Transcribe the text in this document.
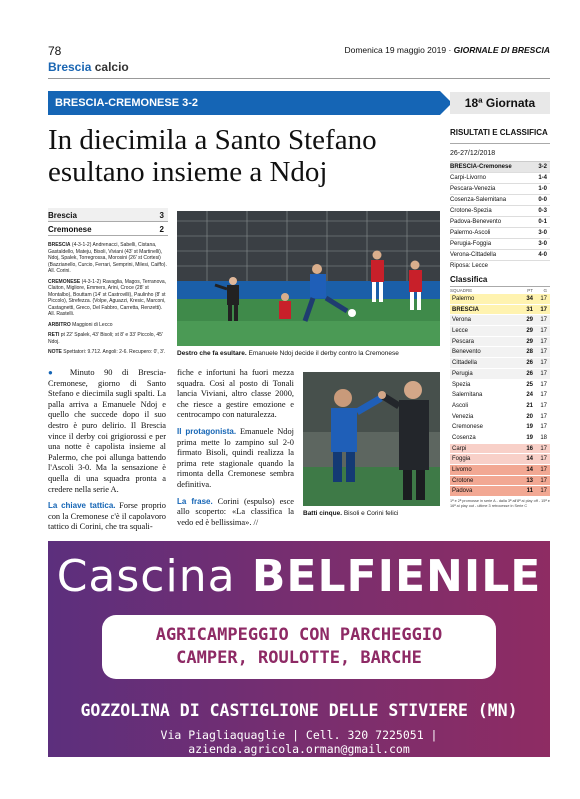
78	Domenica 19 maggio 2019 · GIORNALE DI BRESCIA
Brescia calcio
BRESCIA-CREMONESE 3-2	18ª Giornata
In diecimila a Santo Stefano
esultano insieme a Ndoj
Brescia	3
Cremonese	2

BRESCIA (4-3-1-2) Andrenacci, Sabelli, Cistana, Gastaldello, Mateju, Bisoli, Viviani (43' st Martinelli), Ndoj, Spalek, Torregrossa, Morosini (26' st Cortesi) (Bazzianello, Curcio, Ferrari, Semprini, Milesi, Caiffo). All. Corini.

CREMONESE (4-3-1-2) Ravaglia, Magos, Terranova, Claiton, Migliore, Emmers, Arini, Croce (28' st Montalbo), Bouttam (14' st Castrovilli), Paulinho (8' st Piccolo), Strefezza. (Volpe, Aguazzi, Kresic, Marconi, Castagnetti, Greco, Del Fabbro, Carretta, Renzetti). All. Rastelli.

ARBITRO Maggioni di Lecco

RETI pt 22' Spalek, 43' Bisoli; st 8' e 33' Piccolo, 45' Ndoj.

NOTE Spettatori: 9.712. Angoli: 2-6. Recupero: 0', 3'.	Destro che fa esultare. Emanuele Ndoj decide il derby contro la Cremonese

● Minuto 90 di Brescia-Cremonese, giorno di Santo Stefano e diecimila sugli spalti. La palla arriva a Emanuele Ndoj e quello che succede dopo il suo destro è puro delirio. Il Brescia vince il derby coi grigiorossi e per una notte è capolista insieme al Palermo, che poi allunga battendo l'Ascoli 3-0. Ma la sensazione è quella di una squadra pronta a credere nella serie A.

La chiave tattica. Forse proprio con la Cremonese c'è il capolavoro tattico di Corini, che tra squali-

fiche e infortuni ha fuori mezza squadra. Così al posto di Tonali lancia Viviani, altro classe 2000, che riesce a gestire emozione e centrocampo con naturalezza.

Il protagonista. Emanuele Ndoj prima mette lo zampino sul 2-0 firmato Bisoli, quindi realizza la prima rete stagionale quando la rimonta della Cremonese sembra definitiva.

La frase. Corini (espulso) esce allo scoperto: «La classifica la vedo ed è bellissima». //

Batti cinque. Bisoli e Corini felici
RISULTATI E CLASSIFICA
26-27/12/2018
BRESCIA-Cremonese	3-2
Carpi-Livorno	1-4
Pescara-Venezia	1-0
Cosenza-Salernitana	0-0
Crotone-Spezia	0-3
Padova-Benevento	0-1
Palermo-Ascoli	3-0
Perugia-Foggia	3-0
Verona-Cittadella	4-0
Riposa: Lecce
Classifica
SQUADRE	PT G
Palermo	34 17
BRESCIA	31 17
Verona	29 17
Lecce	29 17
Pescara	29 17
Benevento	28 17
Cittadella	26 17
Perugia	26 17
Spezia	25 17
Salernitana	24 17
Ascoli	21 17
Venezia	20 17
Cremonese	19 17
Cosenza	19 18
Carpi	16 17
Foggia	14 17
Livorno	14 17
Crotone	13 17
Padova	11 17
1ª e 2ª promosse in serie A - dalla 3ª all'8ª ai play off - 15ª e 16ª ai play out - ultime 3 retrocesse in Serie C
Cascina BELFIENILE
AGRICAMPEGGIO CON PARCHEGGIO
CAMPER, ROULOTTE, BARCHE
GOZZOLINA DI CASTIGLIONE DELLE STIVIERE (MN)
Via Piagliaquaglie | Cell. 320 7225051 | azienda.agricola.orman@gmail.com
